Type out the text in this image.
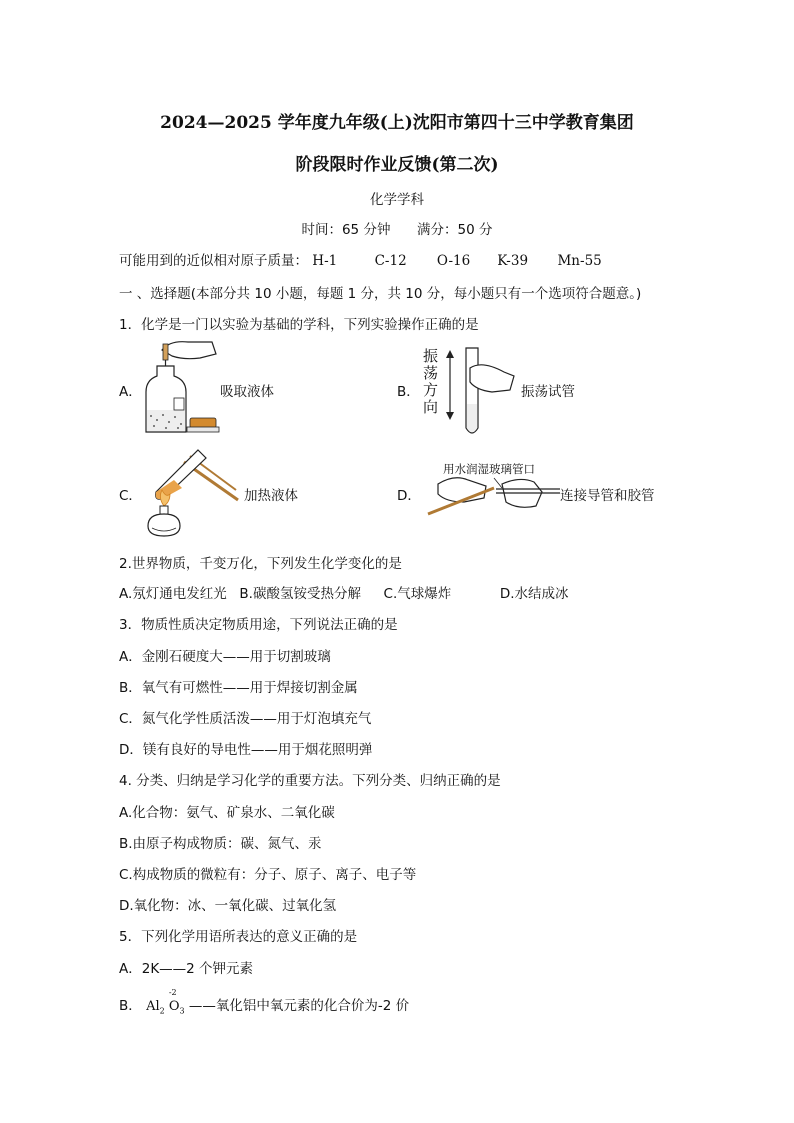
2024—2025 学年度九年级(上)沈阳市第四十三中学教育集团
阶段限时作业反馈(第二次)
化学学科
时间：65 分钟 满分：50 分
可能用到的近似相对原子质量： H-1	C-12 O-16 K-39 Mn-55
一 、选择题(本部分共 10 小题，每题 1 分，共 10 分，每小题只有一个选项符合题意。)
1．化学是一门以实验为基础的学科，下列实验操作正确的是
A．	吸取液体	B．
振
荡
方
向
振荡试管
C．	加热液体	D．
用水润湿玻璃管口
连接导管和胶管
2.世界物质，千变万化，下列发生化学变化的是
A.氖灯通电发红光 B.碳酸氢铵受热分解 C.气球爆炸	D.水结成冰
3．物质性质决定物质用途，下列说法正确的是
A．金刚石硬度大——用于切割玻璃
B．氧气有可燃性——用于焊接切割金属
C．氮气化学性质活泼——用于灯泡填充气
D．镁有良好的导电性——用于烟花照明弹
4. 分类、归纳是学习化学的重要方法。下列分类、归纳正确的是
A.化合物：氨气、矿泉水、二氧化碳
B.由原子构成物质：碳、氮气、汞
C.构成物质的微粒有：分子、原子、离子、电子等
D.氧化物：冰、一氧化碳、过氧化氢
5．下列化学用语所表达的意义正确的是
A．2K——2 个钾元素
B． $Al_2$
-2
$O_3$ ——氧化铝中氧元素的化合价为-2 价
